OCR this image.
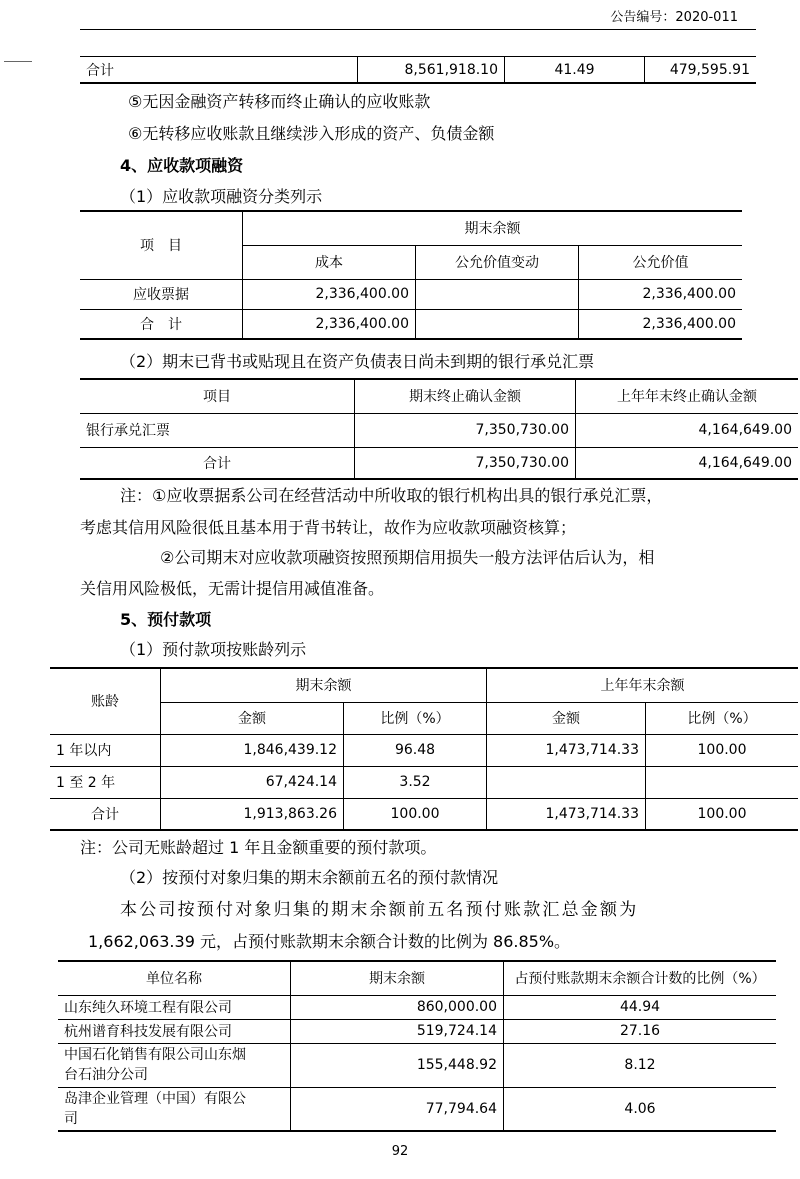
公告编号：2020-011
合计	8,561,918.10	41.49	479,595.91
⑤无因金融资产转移而终止确认的应收账款
⑥无转移应收账款且继续涉入形成的资产、负债金额
4、应收款项融资
（1）应收款项融资分类列示
项　目	期末余额		
	成本	公允价值变动	公允价值
应收票据	2,336,400.00		2,336,400.00
合　计	2,336,400.00		2,336,400.00
（2）期末已背书或贴现且在资产负债表日尚未到期的银行承兑汇票
项目	期末终止确认金额	上年年末终止确认金额
银行承兑汇票	7,350,730.00	4,164,649.00
合计	7,350,730.00	4,164,649.00
注：①应收票据系公司在经营活动中所收取的银行机构出具的银行承兑汇票，
考虑其信用风险很低且基本用于背书转让，故作为应收款项融资核算；
②公司期末对应收款项融资按照预期信用损失一般方法评估后认为，相
关信用风险极低，无需计提信用减值准备。
5、预付款项
（1）预付款项按账龄列示
账龄	期末余额		上年年末余额	
	金额	比例（%）	金额	比例（%）
1 年以内	1,846,439.12	96.48	1,473,714.33	100.00
1 至 2 年	67,424.14	3.52		
合计	1,913,863.26	100.00	1,473,714.33	100.00
注：公司无账龄超过 1 年且金额重要的预付款项。
（2）按预付对象归集的期末余额前五名的预付款情况
本公司按预付对象归集的期末余额前五名预付账款汇总金额为
1,662,063.39 元，占预付账款期末余额合计数的比例为 86.85%。
单位名称	期末余额	占预付账款期末余额合计数的比例（%）
山东纯久环境工程有限公司	860,000.00	44.94
杭州谱育科技发展有限公司	519,724.14	27.16

中国石化销售有限公司山东烟
台石油分公司	155,448.92	8.12

岛津企业管理（中国）有限公
司	77,794.64	4.06
92
